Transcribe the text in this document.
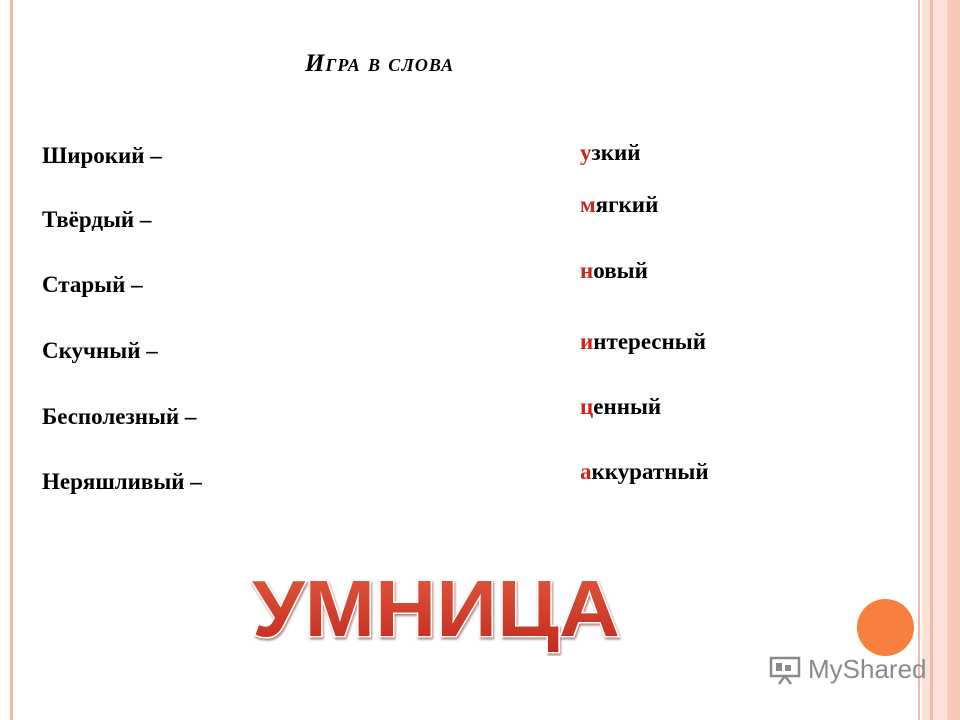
Игра в слова
Широкий –
Твёрдый –
Старый –
Скучный –
Бесполезный –
Неряшливый –
узкий
мягкий
новый
интересный
ценный
аккуратный
УМНИЦА
MyShared
